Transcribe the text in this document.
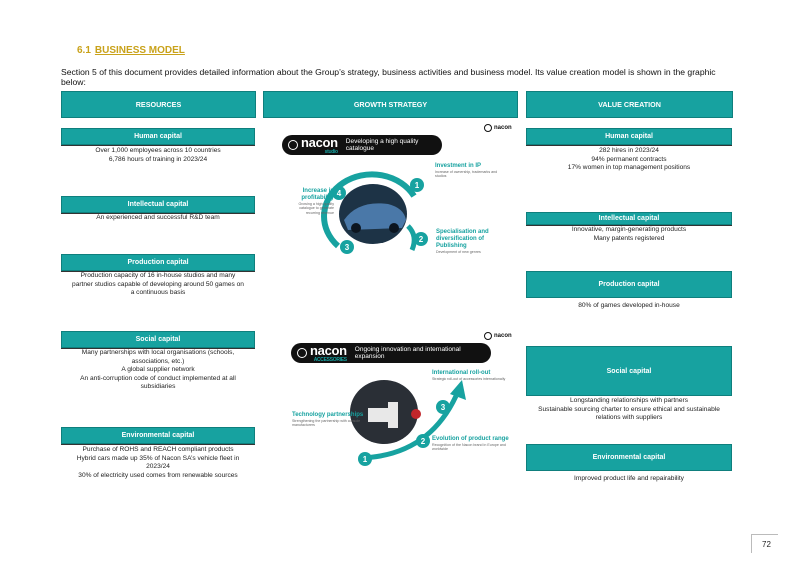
6.1 BUSINESS MODEL
Section 5 of this document provides detailed information about the Group’s strategy, business activities and business model. Its value creation model is shown in the graphic below:
RESOURCES	GROWTH STRATEGY	VALUE CREATION
Human capital
Over 1,000 employees across 10 countries
6,786 hours of training in 2023/24
Intellectual capital
An experienced and successful R&D team
Production capital
Production capacity of 16 in-house studios and many
partner studios capable of developing around 50 games on
a continuous basis
Social capital
Many partnerships with local organisations (schools,
associations, etc.)
A global supplier network
An anti-corruption code of conduct implemented at all
subsidiaries
Environmental capital
Purchase of ROHS and REACH compliant products
Hybrid cars made up 35% of Nacon SA’s vehicle fleet in
2023/24
30% of electricity used comes from renewable sources
Human capital
282 hires in 2023/24
94% permanent contracts
17% women in top management positions
Intellectual capital
Innovative, margin-generating products
Many patents registered
Production capital
80% of games developed in-house
Social capital
Longstanding relationships with partners
Sustainable sourcing charter to ensure ethical and sustainable
relations with suppliers
Environmental capital
Improved product life and repairability
nacon
nacon
studio
Developing a high quality catalogue
1
2
3
4
Investment in IP
Increase of ownership, trademarks and studios
Specialisation and diversification of Publishing
Development of new genres
Increase in profitability
Growing a high quality catalogue to generate recurring revenue
nacon
nacon
ACCESSORIES
Ongoing innovation and international expansion
1
2
3
International roll-out
Strategic roll-out of accessories internationally
Evolution of product range
Recognition of the Nacon brand in Europe and worldwide
Technology partnerships
Strengthening the partnership with console manufacturers
72
